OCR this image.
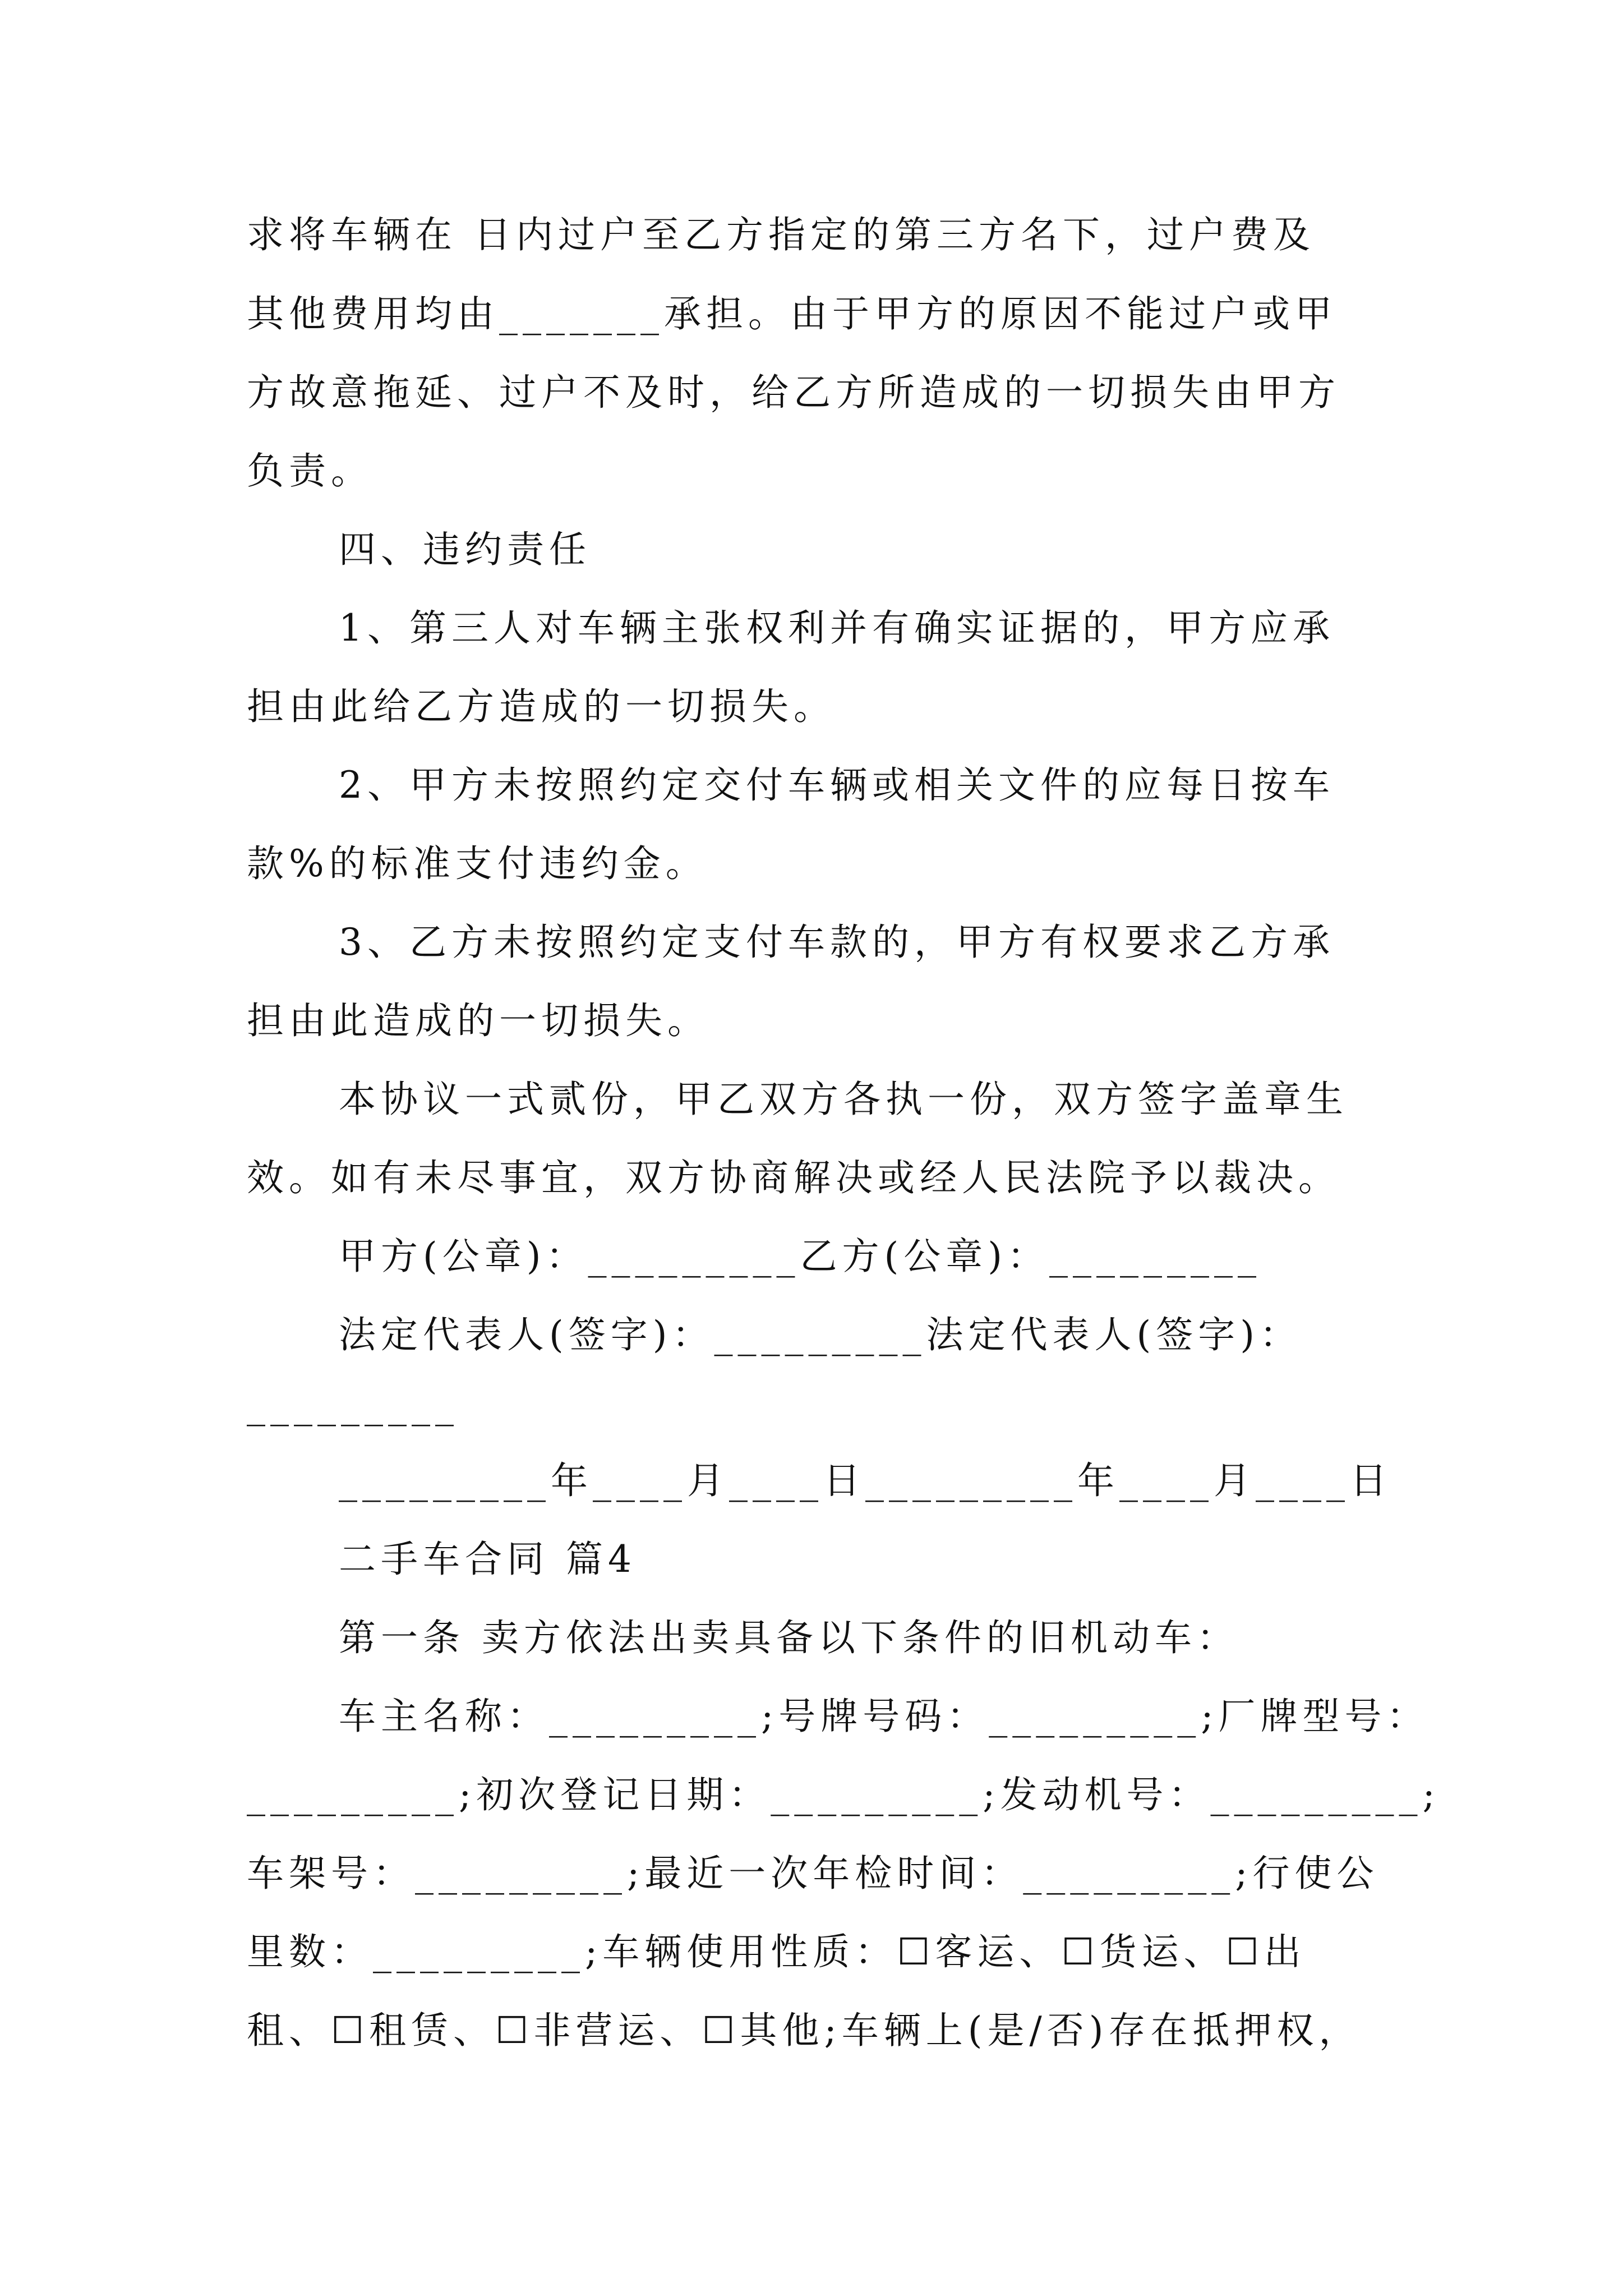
求将车辆在 日内过户至乙方指定的第三方名下，过户费及
其他费用均由_______承担。由于甲方的原因不能过户或甲
方故意拖延、过户不及时，给乙方所造成的一切损失由甲方
负责。
四、违约责任
1、第三人对车辆主张权利并有确实证据的，甲方应承
担由此给乙方造成的一切损失。
2、甲方未按照约定交付车辆或相关文件的应每日按车
款%的标准支付违约金。
3、乙方未按照约定支付车款的，甲方有权要求乙方承
担由此造成的一切损失。
本协议一式贰份，甲乙双方各执一份，双方签字盖章生
效。如有未尽事宜，双方协商解决或经人民法院予以裁决。
甲方(公章)：_________乙方(公章)：_________
法定代表人(签字)：_________法定代表人(签字)：
_________
_________年____月____日_________年____月____日
二手车合同 篇4
第一条 卖方依法出卖具备以下条件的旧机动车：
车主名称：_________;号牌号码：_________;厂牌型号：
_________;初次登记日期：_________;发动机号：_________;
车架号：_________;最近一次年检时间：_________;行使公
里数：_________;车辆使用性质：☐客运、☐货运、☐出
租、☐租赁、☐非营运、☐其他;车辆上(是/否)存在抵押权，
